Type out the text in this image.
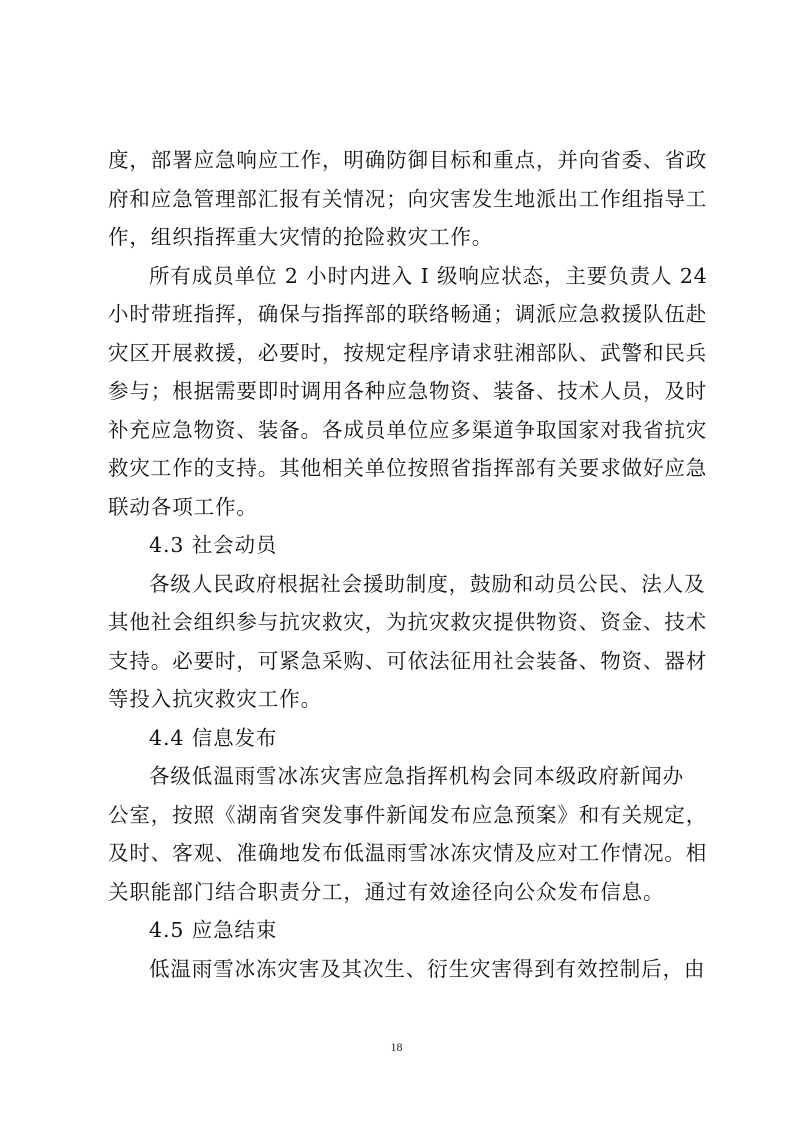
度，部署应急响应工作，明确防御目标和重点，并向省委、省政
府和应急管理部汇报有关情况；向灾害发生地派出工作组指导工
作，组织指挥重大灾情的抢险救灾工作。
所有成员单位 2 小时内进入 Ⅰ 级响应状态，主要负责人 24
小时带班指挥，确保与指挥部的联络畅通；调派应急救援队伍赴
灾区开展救援，必要时，按规定程序请求驻湘部队、武警和民兵
参与；根据需要即时调用各种应急物资、装备、技术人员，及时
补充应急物资、装备。各成员单位应多渠道争取国家对我省抗灾
救灾工作的支持。其他相关单位按照省指挥部有关要求做好应急
联动各项工作。
4.3 社会动员
各级人民政府根据社会援助制度，鼓励和动员公民、法人及
其他社会组织参与抗灾救灾，为抗灾救灾提供物资、资金、技术
支持。必要时，可紧急采购、可依法征用社会装备、物资、器材
等投入抗灾救灾工作。
4.4 信息发布
各级低温雨雪冰冻灾害应急指挥机构会同本级政府新闻办
公室，按照《湖南省突发事件新闻发布应急预案》和有关规定，
及时、客观、准确地发布低温雨雪冰冻灾情及应对工作情况。相
关职能部门结合职责分工，通过有效途径向公众发布信息。
4.5 应急结束
低温雨雪冰冻灾害及其次生、衍生灾害得到有效控制后，由
18
